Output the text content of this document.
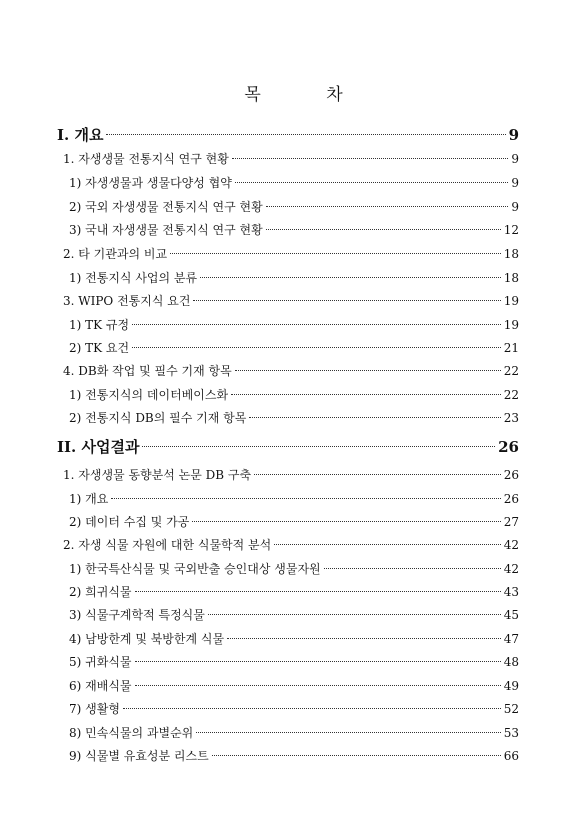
목 차
I. 개요	9
1. 자생생물 전통지식 연구 현황	9
1) 자생생물과 생물다양성 협약	9
2) 국외 자생생물 전통지식 연구 현황	9
3) 국내 자생생물 전통지식 연구 현황	12
2. 타 기관과의 비교	18
1) 전통지식 사업의 분류	18
3. WIPO 전통지식 요건	19
1) TK 규정	19
2) TK 요건	21
4. DB화 작업 및 필수 기재 항목	22
1) 전통지식의 데이터베이스화	22
2) 전통지식 DB의 필수 기재 항목	23
II. 사업결과	26
1. 자생생물 동향분석 논문 DB 구축	26
1) 개요	26
2) 데이터 수집 및 가공	27
2. 자생 식물 자원에 대한 식물학적 분석	42
1) 한국특산식물 및 국외반출 승인대상 생물자원	42
2) 희귀식물	43
3) 식물구계학적 특정식물	45
4) 남방한계 및 북방한계 식물	47
5) 귀화식물	48
6) 재배식물	49
7) 생활형	52
8) 민속식물의 과별순위	53
9) 식물별 유효성분 리스트	66
